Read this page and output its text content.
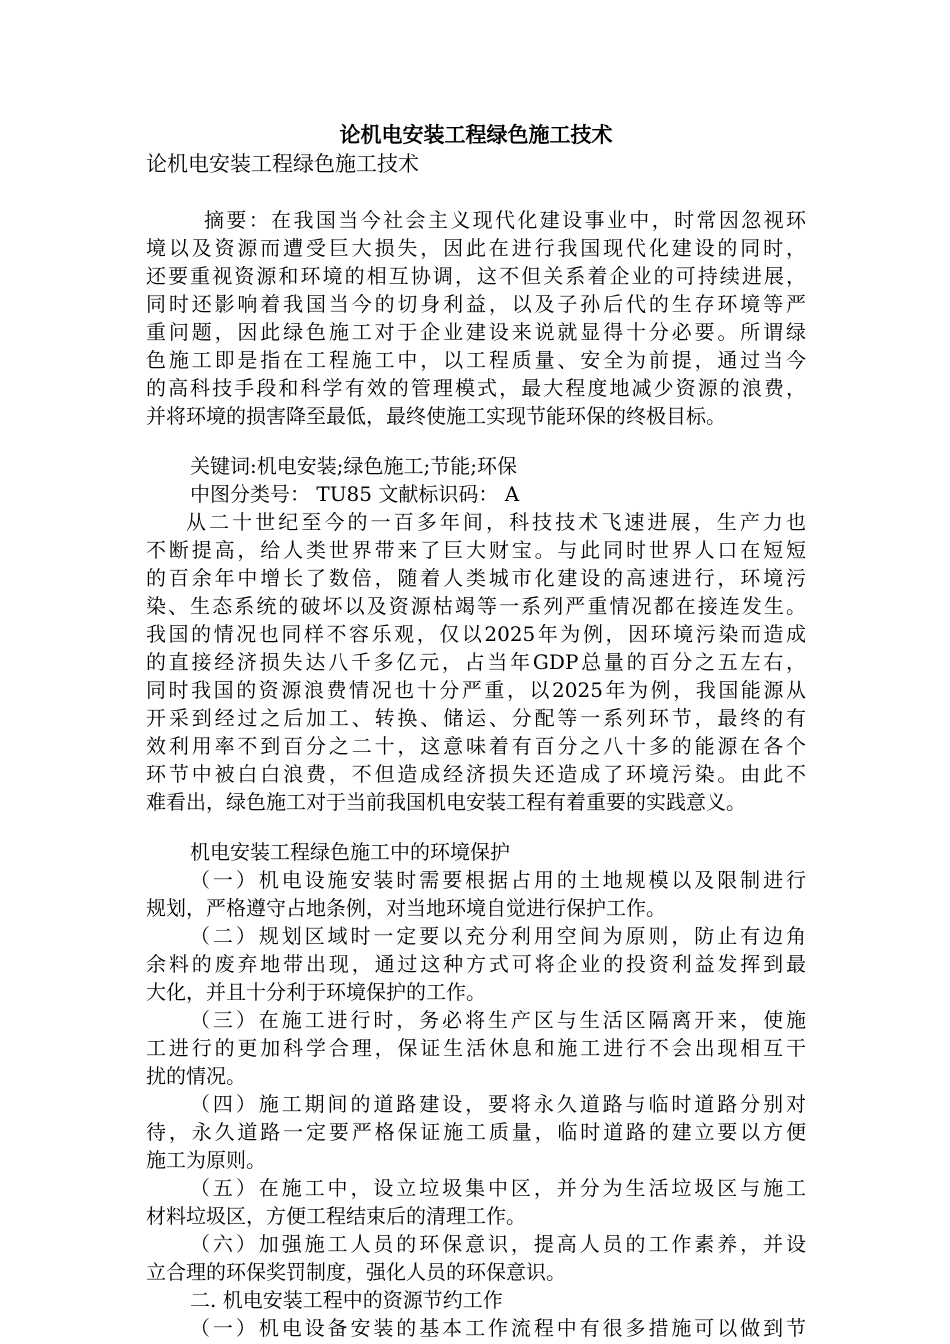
论机电安装工程绿色施工技术
论机电安装工程绿色施工技术
摘要：在我国当今社会主义现代化建设事业中，时常因忽视环
境以及资源而遭受巨大损失，因此在进行我国现代化建设的同时，
还要重视资源和环境的相互协调，这不但关系着企业的可持续进展，
同时还影响着我国当今的切身利益，以及子孙后代的生存环境等严
重问题，因此绿色施工对于企业建设来说就显得十分必要。所谓绿
色施工即是指在工程施工中，以工程质量、安全为前提，通过当今
的高科技手段和科学有效的管理模式，最大程度地减少资源的浪费，
并将环境的损害降至最低，最终使施工实现节能环保的终极目标。
关键词:机电安装;绿色施工;节能;环保
中图分类号： TU85 文献标识码： A
从二十世纪至今的一百多年间，科技技术飞速进展，生产力也
不断提高，给人类世界带来了巨大财宝。与此同时世界人口在短短
的百余年中增长了数倍，随着人类城市化建设的高速进行，环境污
染、生态系统的破坏以及资源枯竭等一系列严重情况都在接连发生。
我国的情况也同样不容乐观，仅以2025年为例，因环境污染而造成
的直接经济损失达八千多亿元，占当年GDP总量的百分之五左右，
同时我国的资源浪费情况也十分严重，以2025年为例，我国能源从
开采到经过之后加工、转换、储运、分配等一系列环节，最终的有
效利用率不到百分之二十，这意味着有百分之八十多的能源在各个
环节中被白白浪费，不但造成经济损失还造成了环境污染。由此不
难看出，绿色施工对于当前我国机电安装工程有着重要的实践意义。
机电安装工程绿色施工中的环境保护
（一）机电设施安装时需要根据占用的土地规模以及限制进行
规划，严格遵守占地条例，对当地环境自觉进行保护工作。
（二）规划区域时一定要以充分利用空间为原则，防止有边角
余料的废弃地带出现，通过这种方式可将企业的投资利益发挥到最
大化，并且十分利于环境保护的工作。
（三）在施工进行时，务必将生产区与生活区隔离开来，使施
工进行的更加科学合理，保证生活休息和施工进行不会出现相互干
扰的情况。
（四）施工期间的道路建设，要将永久道路与临时道路分别对
待，永久道路一定要严格保证施工质量，临时道路的建立要以方便
施工为原则。
（五）在施工中，设立垃圾集中区，并分为生活垃圾区与施工
材料垃圾区，方便工程结束后的清理工作。
（六）加强施工人员的环保意识，提高人员的工作素养，并设
立合理的环保奖罚制度，强化人员的环保意识。
二. 机电安装工程中的资源节约工作
（一）机电设备安装的基本工作流程中有很多措施可以做到节
